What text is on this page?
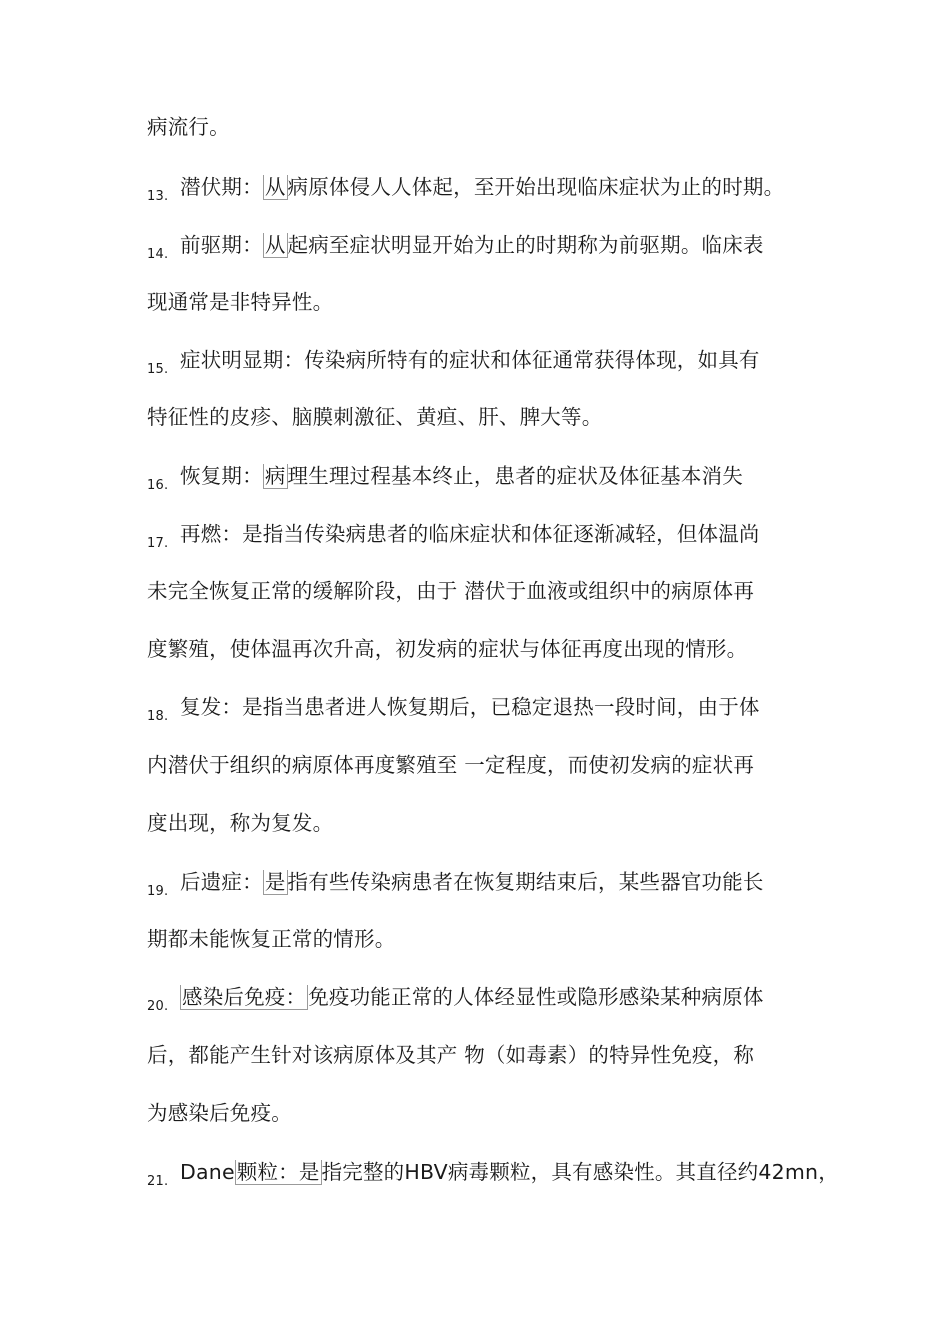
病流行。
13. 潜伏期：从病原体侵人人体起，至开始出现临床症状为止的时期。
14. 前驱期：从起病至症状明显开始为止的时期称为前驱期。临床表
现通常是非特异性。
15. 症状明显期：传染病所特有的症状和体征通常获得体现，如具有
特征性的皮疹、脑膜刺激征、黄疸、肝、脾大等。
16. 恢复期：病理生理过程基本终止，患者的症状及体征基本消失
17. 再燃：是指当传染病患者的临床症状和体征逐渐减轻，但体温尚
未完全恢复正常的缓解阶段，由于 潜伏于血液或组织中的病原体再
度繁殖，使体温再次升高，初发病的症状与体征再度出现的情形。
18. 复发：是指当患者进人恢复期后，已稳定退热一段时间，由于体
内潜伏于组织的病原体再度繁殖至 一定程度，而使初发病的症状再
度出现，称为复发。
19. 后遗症：是指有些传染病患者在恢复期结束后，某些器官功能长
期都未能恢复正常的情形。
20. 感染后免疫：免疫功能正常的人体经显性或隐形感染某种病原体
后，都能产生针对该病原体及其产 物（如毒素）的特异性免疫，称
为感染后免疫。
21. Dane颗粒：是指完整的HBV病毒颗粒，具有感染性。其直径约42mn，
